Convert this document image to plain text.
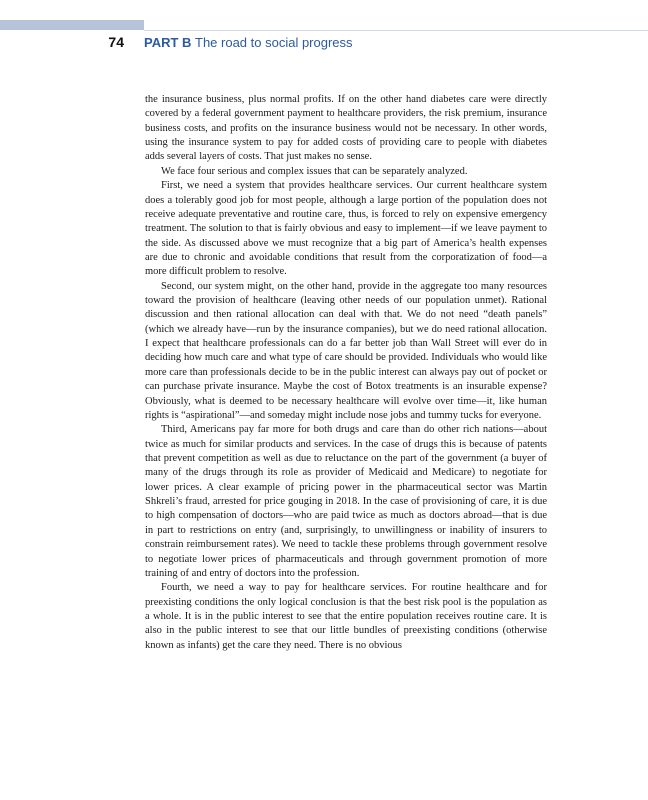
74 PART B The road to social progress

the insurance business, plus normal profits. If on the other hand diabetes care were directly covered by a federal government payment to healthcare providers, the risk premium, insurance business costs, and profits on the insurance business would not be necessary. In other words, using the insurance system to pay for added costs of providing care to people with diabetes adds several layers of costs. That just makes no sense.

We face four serious and complex issues that can be separately analyzed.

First, we need a system that provides healthcare services. Our current healthcare system does a tolerably good job for most people, although a large portion of the population does not receive adequate preventative and routine care, thus, is forced to rely on expensive emergency treatment. The solution to that is fairly obvious and easy to implement—if we leave payment to the side. As discussed above we must recognize that a big part of America’s health expenses are due to chronic and avoidable conditions that result from the corporatization of food—a more difficult problem to resolve.

Second, our system might, on the other hand, provide in the aggregate too many resources toward the provision of healthcare (leaving other needs of our population unmet). Rational discussion and then rational allocation can deal with that. We do not need “death panels” (which we already have—run by the insurance companies), but we do need rational allocation. I expect that healthcare professionals can do a far better job than Wall Street will ever do in deciding how much care and what type of care should be provided. Individuals who would like more care than professionals decide to be in the public interest can always pay out of pocket or can purchase private insurance. Maybe the cost of Botox treatments is an insurable expense? Obviously, what is deemed to be necessary healthcare will evolve over time—it, like human rights is “aspirational”—and someday might include nose jobs and tummy tucks for everyone.

Third, Americans pay far more for both drugs and care than do other rich nations—about twice as much for similar products and services. In the case of drugs this is because of patents that prevent competition as well as due to reluctance on the part of the government (a buyer of many of the drugs through its role as provider of Medicaid and Medicare) to negotiate for lower prices. A clear example of pricing power in the pharmaceutical sector was Martin Shkreli’s fraud, arrested for price gouging in 2018. In the case of provisioning of care, it is due to high compensation of doctors—who are paid twice as much as doctors abroad—that is due in part to restrictions on entry (and, surprisingly, to unwillingness or inability of insurers to constrain reimbursement rates). We need to tackle these problems through government resolve to negotiate lower prices of pharmaceuticals and through government promotion of more training of and entry of doctors into the profession.

Fourth, we need a way to pay for healthcare services. For routine healthcare and for preexisting conditions the only logical conclusion is that the best risk pool is the population as a whole. It is in the public interest to see that the entire population receives routine care. It is also in the public interest to see that our little bundles of preexisting conditions (otherwise known as infants) get the care they need. There is no obvious
